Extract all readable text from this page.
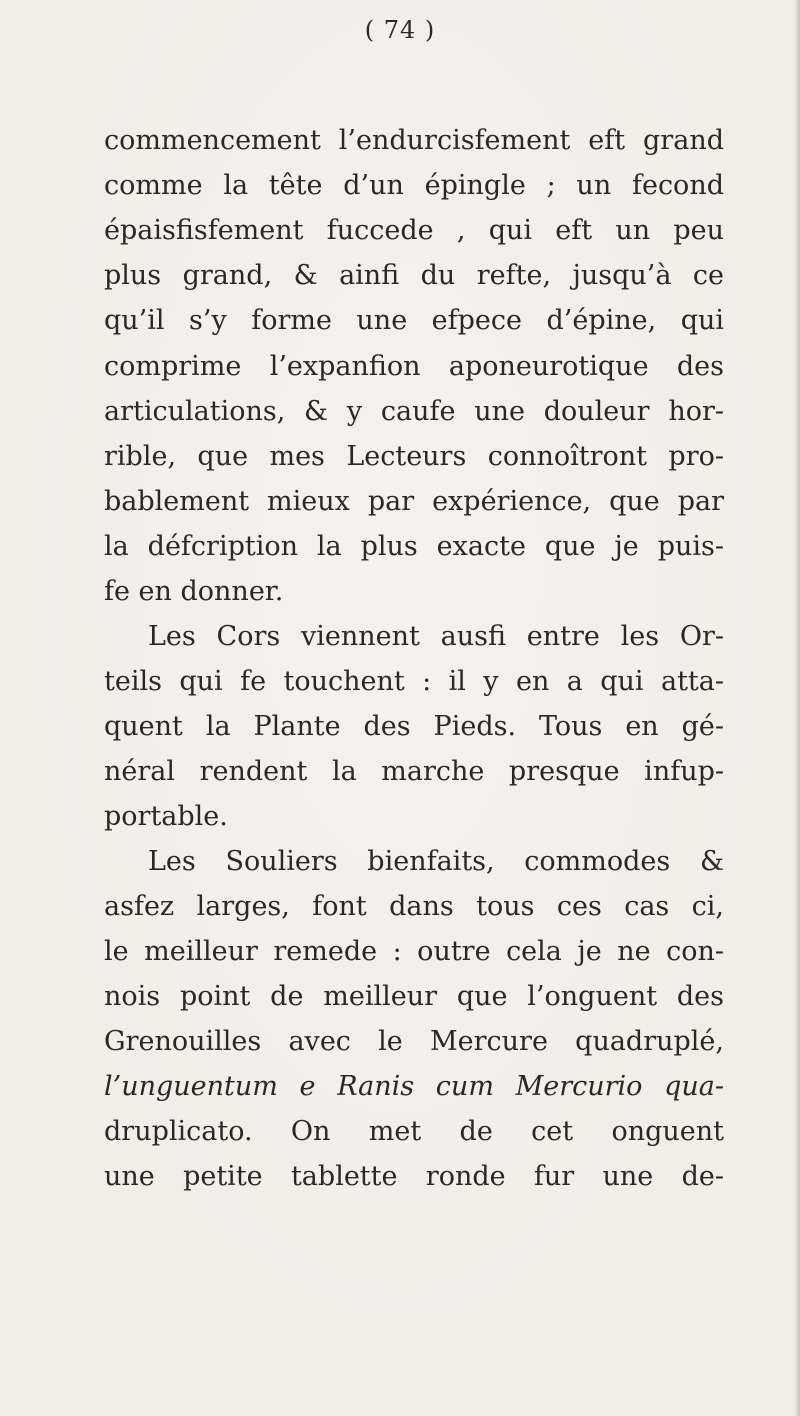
( 74 )
commencement l’endurcisfement eft grand
comme la tête d’un épingle ; un fecond
épaisfisfement fuccede , qui eft un peu
plus grand, & ainfi du refte, jusqu’à ce
qu’il s’y forme une efpece d’épine, qui
comprime l’expanfion aponeurotique des
articulations, & y caufe une douleur hor-
rible, que mes Lecteurs connoîtront pro-
bablement mieux par expérience, que par
la défcription la plus exacte que je puis-
fe en donner.
Les Cors viennent ausfi entre les Or-
teils qui fe touchent : il y en a qui atta-
quent la Plante des Pieds. Tous en gé-
néral rendent la marche presque infup-
portable.
Les Souliers bienfaits, commodes &
asfez larges, font dans tous ces cas ci,
le meilleur remede : outre cela je ne con-
nois point de meilleur que l’onguent des
Grenouilles avec le Mercure quadruplé,
l’unguentum e Ranis cum Mercurio qua-
druplicato. On met de cet onguent
une petite tablette ronde fur une de-
